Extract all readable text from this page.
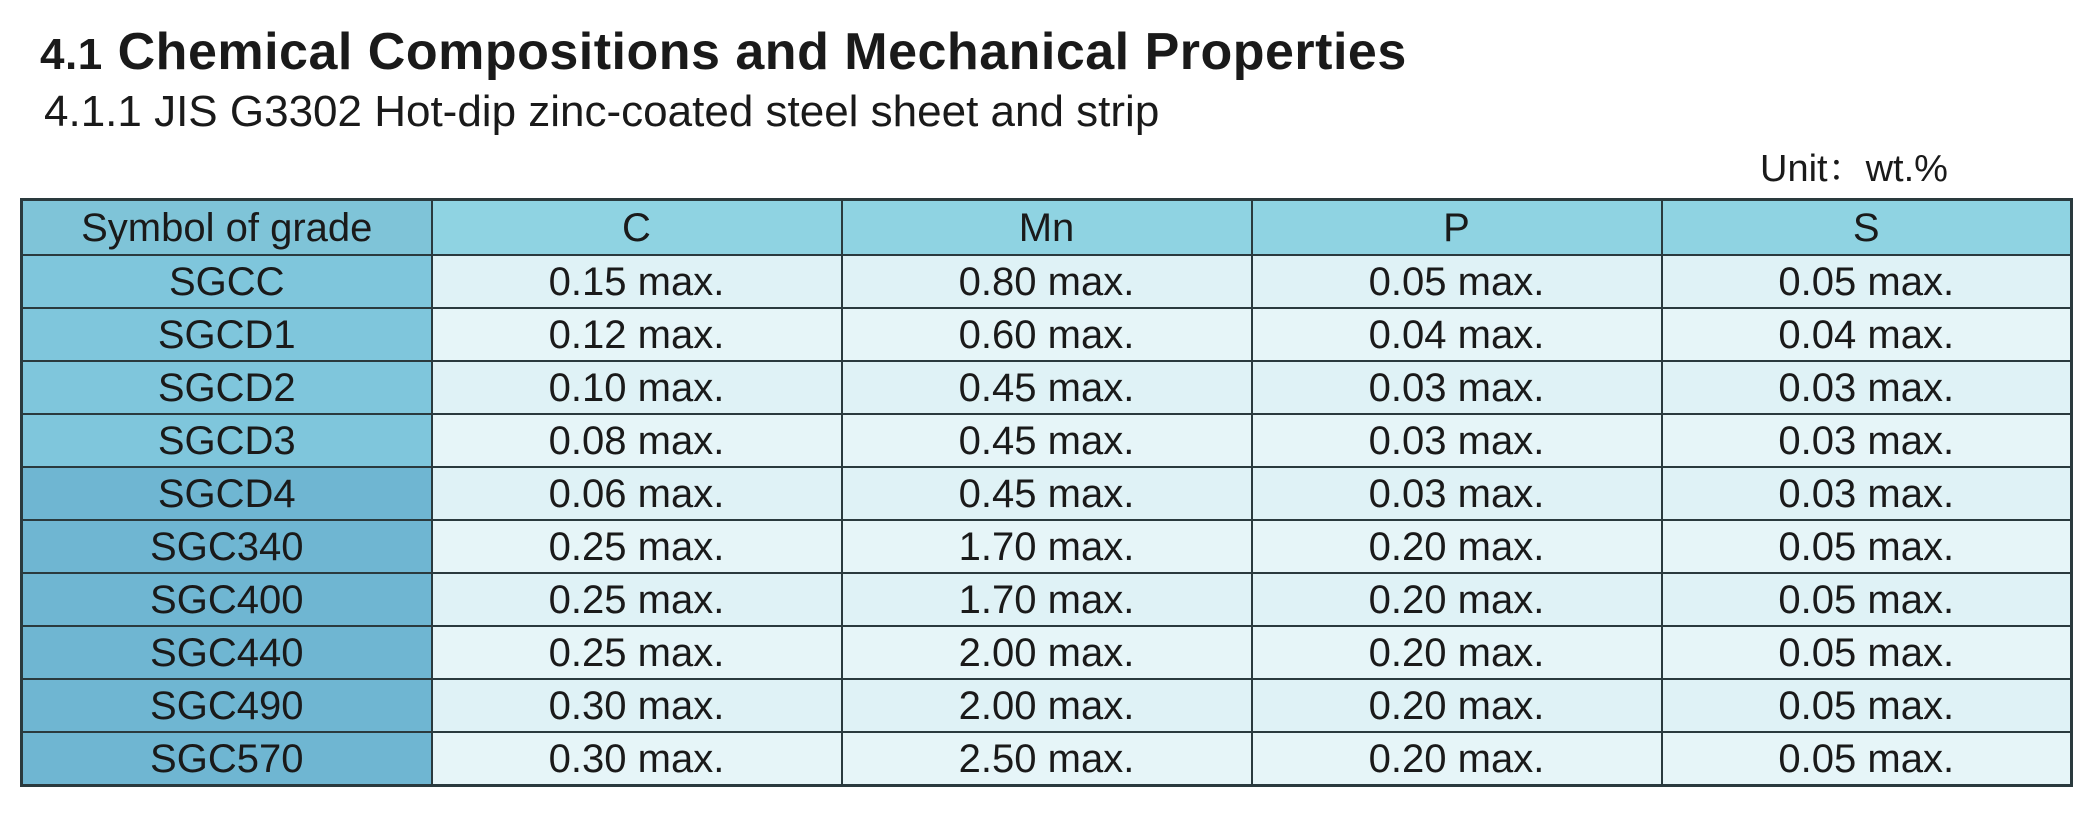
4.1 Chemical Compositions and Mechanical Properties
4.1.1 JIS G3302 Hot-dip zinc-coated steel sheet and strip
Unit：wt.%
Symbol of grade	C	Mn	P	S
SGCC	0.15 max.	0.80 max.	0.05 max.	0.05 max.
SGCD1	0.12 max.	0.60 max.	0.04 max.	0.04 max.
SGCD2	0.10 max.	0.45 max.	0.03 max.	0.03 max.
SGCD3	0.08 max.	0.45 max.	0.03 max.	0.03 max.
SGCD4	0.06 max.	0.45 max.	0.03 max.	0.03 max.
SGC340	0.25 max.	1.70 max.	0.20 max.	0.05 max.
SGC400	0.25 max.	1.70 max.	0.20 max.	0.05 max.
SGC440	0.25 max.	2.00 max.	0.20 max.	0.05 max.
SGC490	0.30 max.	2.00 max.	0.20 max.	0.05 max.
SGC570	0.30 max.	2.50 max.	0.20 max.	0.05 max.
